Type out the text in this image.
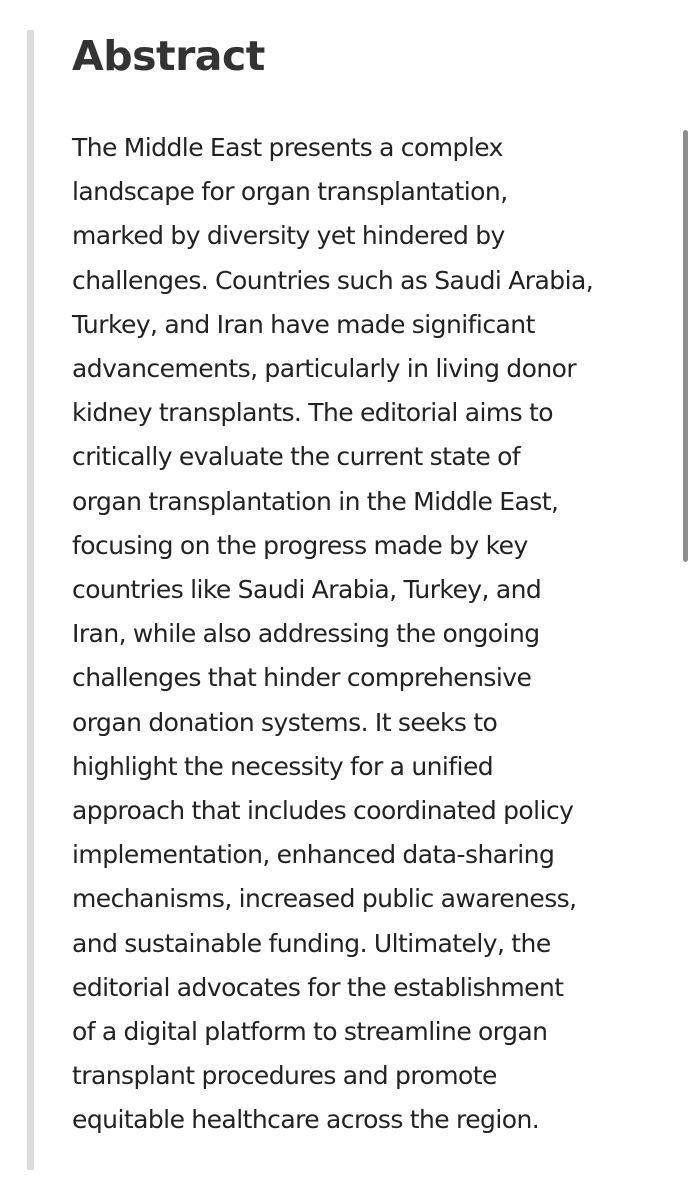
Abstract

The Middle East presents a complex
landscape for organ transplantation,
marked by diversity yet hindered by
challenges. Countries such as Saudi Arabia,
Turkey, and Iran have made significant
advancements, particularly in living donor
kidney transplants. The editorial aims to
critically evaluate the current state of
organ transplantation in the Middle East,
focusing on the progress made by key
countries like Saudi Arabia, Turkey, and
Iran, while also addressing the ongoing
challenges that hinder comprehensive
organ donation systems. It seeks to
highlight the necessity for a unified
approach that includes coordinated policy
implementation, enhanced data-sharing
mechanisms, increased public awareness,
and sustainable funding. Ultimately, the
editorial advocates for the establishment
of a digital platform to streamline organ
transplant procedures and promote
equitable healthcare across the region.
